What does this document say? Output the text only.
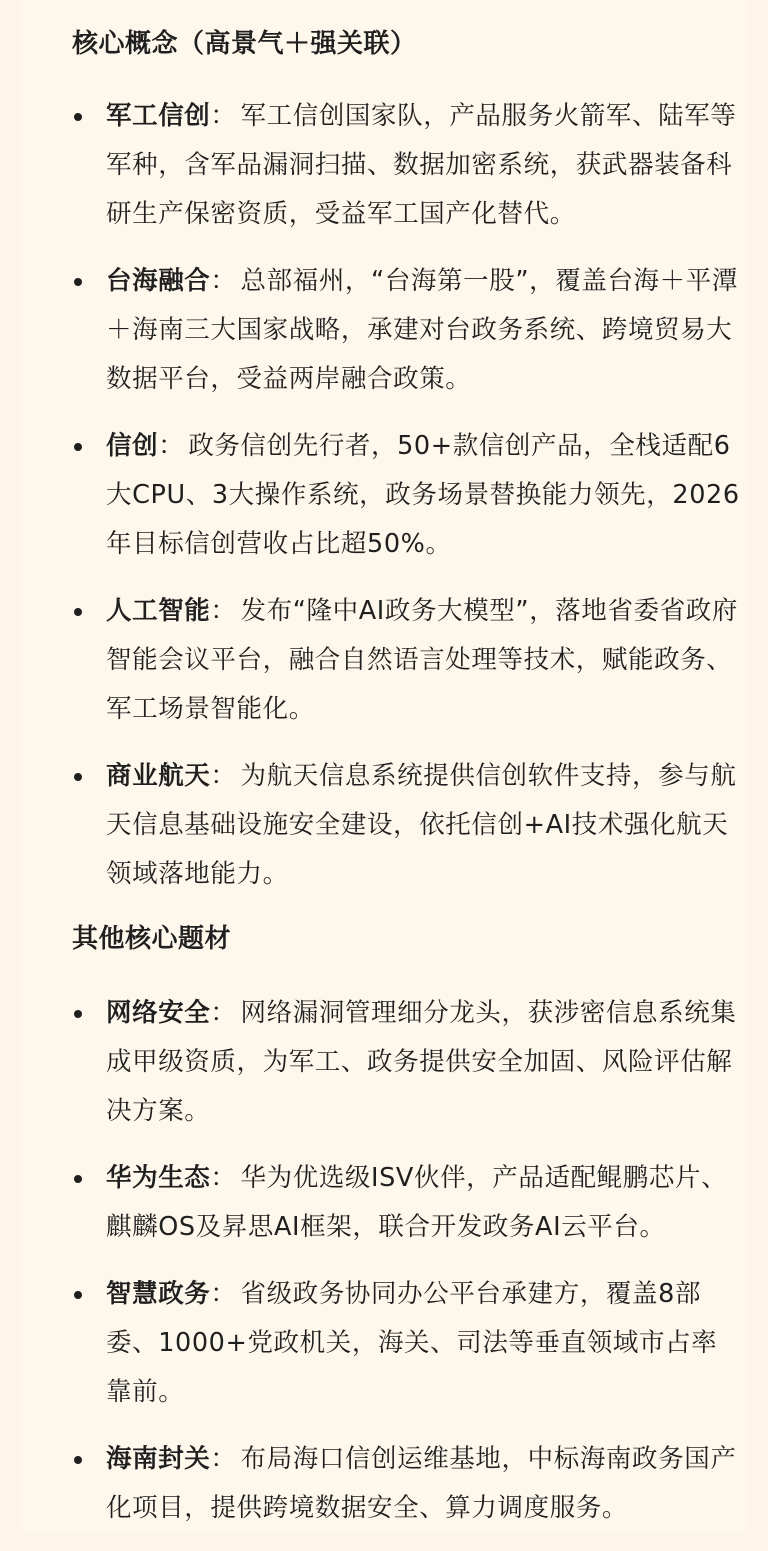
核心概念（高景气＋强关联）
军工信创： 军工信创国家队，产品服务火箭军、陆军等军种，含军品漏洞扫描、数据加密系统，获武器装备科研生产保密资质，受益军工国产化替代。
台海融合： 总部福州，“台海第一股”，覆盖台海＋平潭＋海南三大国家战略，承建对台政务系统、跨境贸易大数据平台，受益两岸融合政策。
信创： 政务信创先行者，50+款信创产品，全栈适配6大CPU、3大操作系统，政务场景替换能力领先，2026年目标信创营收占比超50%。
人工智能： 发布“隆中AI政务大模型”，落地省委省政府智能会议平台，融合自然语言处理等技术，赋能政务、军工场景智能化。
商业航天： 为航天信息系统提供信创软件支持，参与航天信息基础设施安全建设，依托信创+AI技术强化航天领域落地能力。
其他核心题材
网络安全： 网络漏洞管理细分龙头，获涉密信息系统集成甲级资质，为军工、政务提供安全加固、风险评估解决方案。
华为生态： 华为优选级ISV伙伴，产品适配鲲鹏芯片、麒麟OS及昇思AI框架，联合开发政务AI云平台。
智慧政务： 省级政务协同办公平台承建方，覆盖8部委、1000+党政机关，海关、司法等垂直领域市占率靠前。
海南封关： 布局海口信创运维基地，中标海南政务国产化项目，提供跨境数据安全、算力调度服务。
